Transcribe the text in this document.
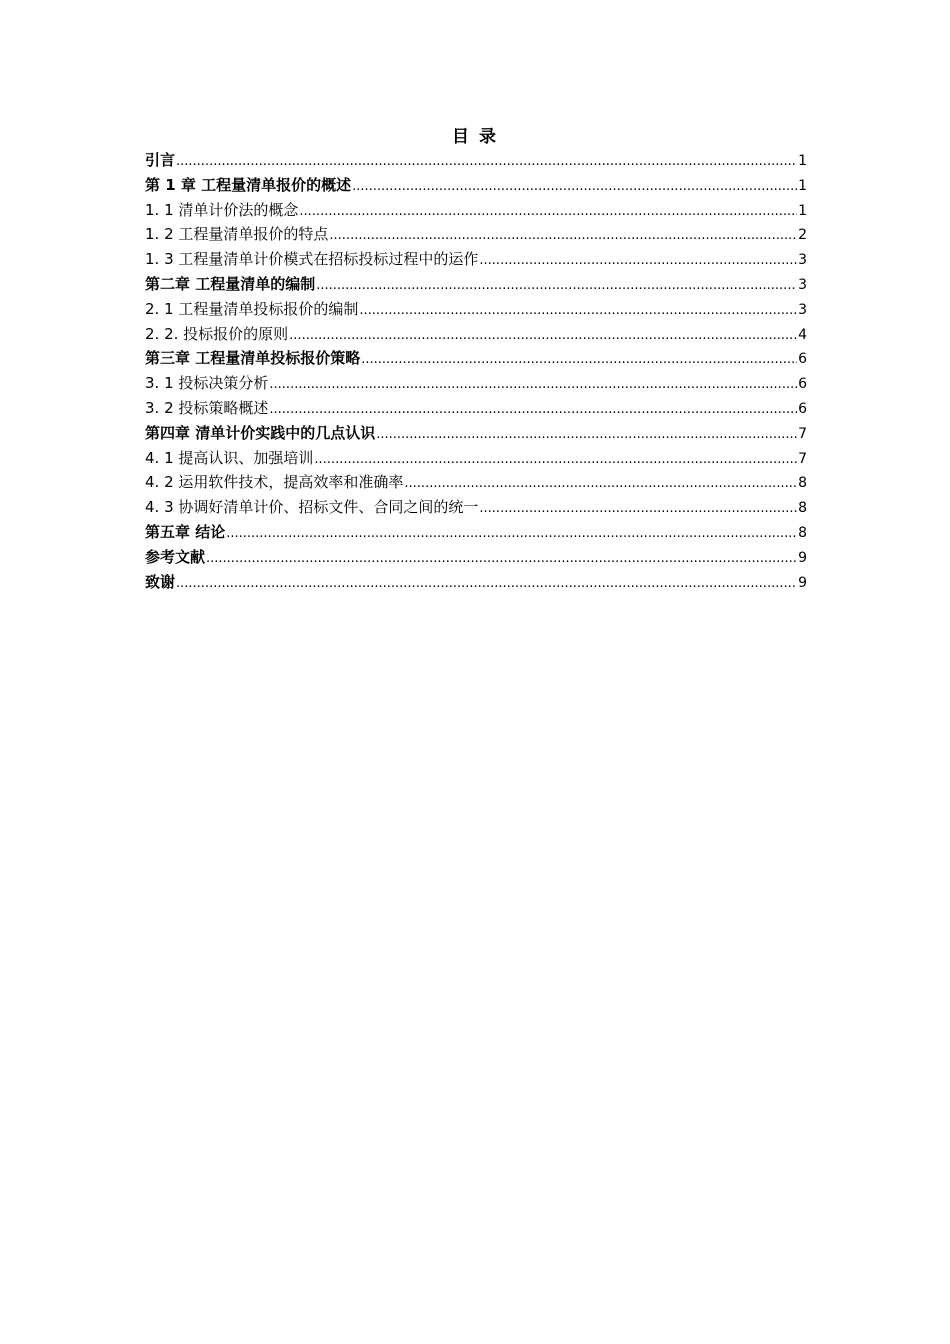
目 录
引言 .....	1
第 1 章 工程量清单报价的概述 .....	1
1. 1 清单计价法的概念 .....	1
1. 2 工程量清单报价的特点 .....	2
1. 3 工程量清单计价模式在招标投标过程中的运作 .....	3
第二章 工程量清单的编制 .....	3
2. 1 工程量清单投标报价的编制 .....	3
2. 2. 投标报价的原则 .....	4
第三章 工程量清单投标报价策略 .....	6
3. 1 投标决策分析 .....	6
3. 2 投标策略概述 .....	6
第四章 清单计价实践中的几点认识 .....	7
4. 1 提高认识、加强培训 .....	7
4. 2 运用软件技术，提高效率和准确率 .....	8
4. 3 协调好清单计价、招标文件、合同之间的统一 .....	8
第五章 结论 .....	8
参考文献 .....	9
致谢 .....	9
